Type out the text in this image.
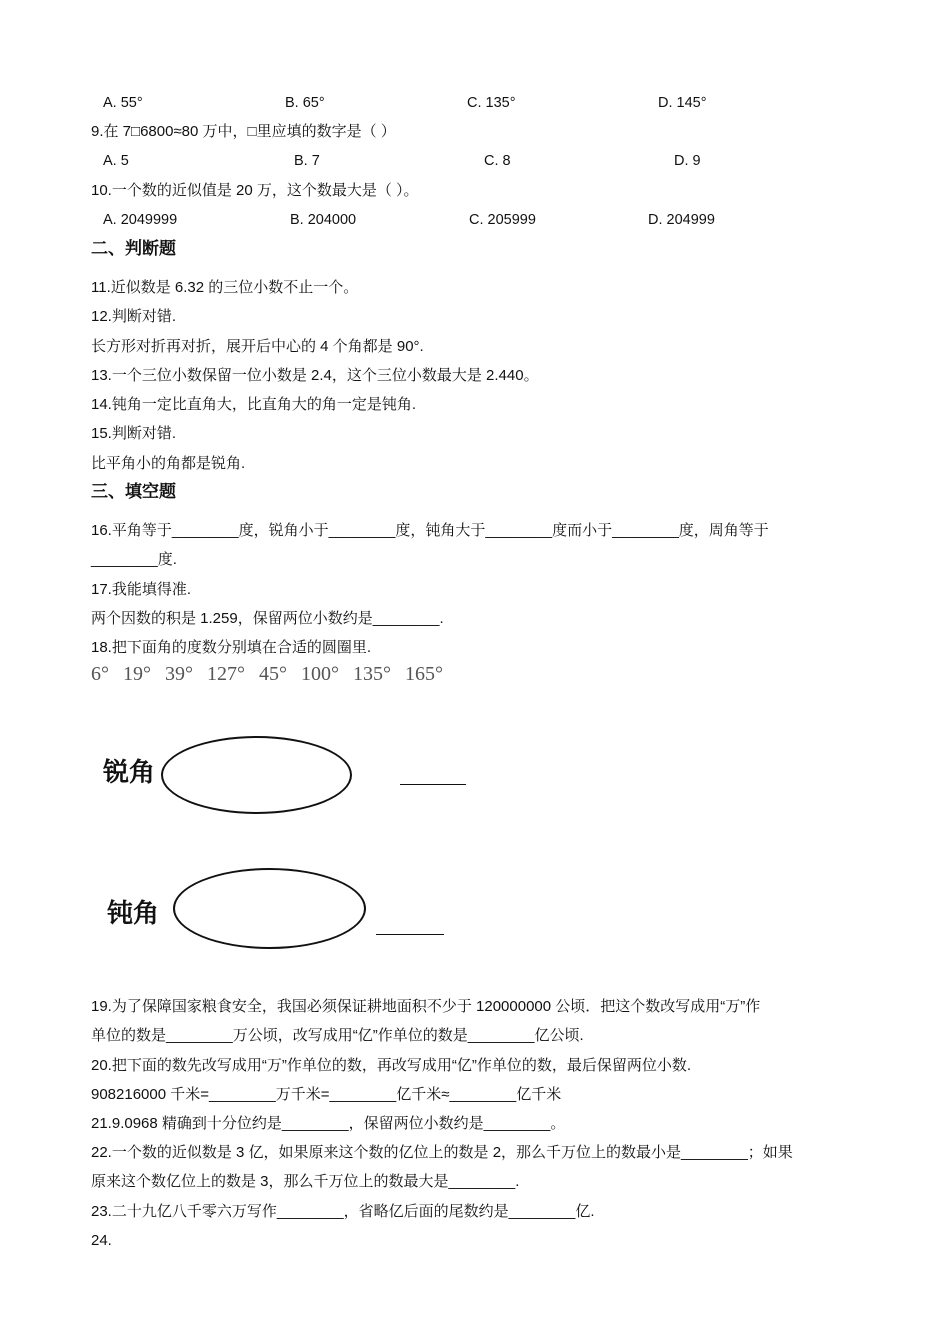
A. 55°	B. 65°	C. 135°	D. 145°
9.在 7□6800≈80 万中，□里应填的数字是（ ）
A. 5	B. 7	C. 8	D. 9
10.一个数的近似值是 20 万，这个数最大是（ ）。
A. 2049999	B. 204000	C. 205999	D. 204999
二、判断题
11.近似数是 6.32 的三位小数不止一个。
12.判断对错.
长方形对折再对折，展开后中心的 4 个角都是 90°.
13.一个三位小数保留一位小数是 2.4，这个三位小数最大是 2.440。
14.钝角一定比直角大，比直角大的角一定是钝角.
15.判断对错.
比平角小的角都是锐角.
三、填空题
16.平角等于________度，锐角小于________度，钝角大于________度而小于________度，周角等于
________度.
17.我能填得准.
两个因数的积是 1.259，保留两位小数约是________.
18.把下面角的度数分别填在合适的圆圈里.
6° 19° 39° 127° 45° 100° 135° 165°
锐角
钝角
19.为了保障国家粮食安全，我国必须保证耕地面积不少于 120000000 公顷．把这个数改写成用“万”作
单位的数是________万公顷，改写成用“亿”作单位的数是________亿公顷.
20.把下面的数先改写成用“万”作单位的数，再改写成用“亿”作单位的数，最后保留两位小数.
908216000 千米=________万千米=________亿千米≈________亿千米
21.9.0968 精确到十分位约是________，保留两位小数约是________。
22.一个数的近似数是 3 亿，如果原来这个数的亿位上的数是 2，那么千万位上的数最小是________；如果
原来这个数亿位上的数是 3，那么千万位上的数最大是________.
23.二十九亿八千零六万写作________，省略亿后面的尾数约是________亿.
24.
